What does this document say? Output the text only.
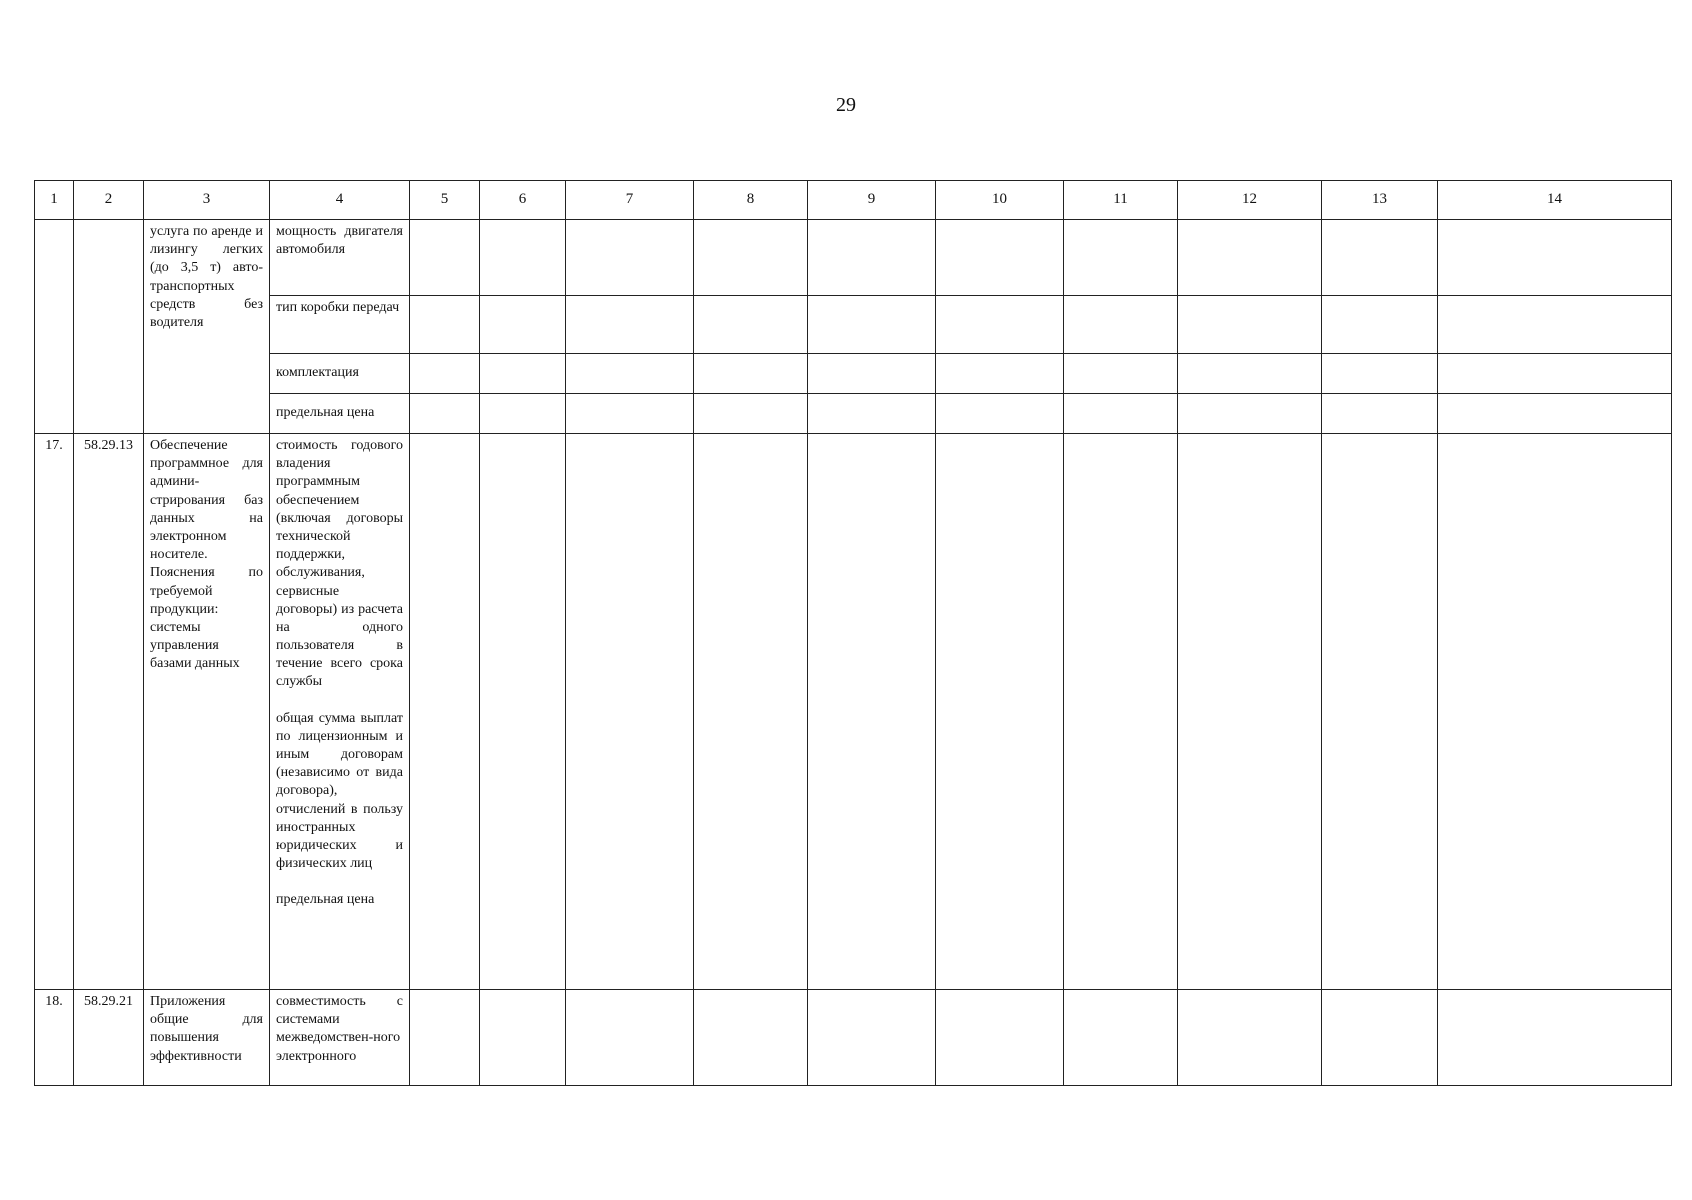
29
1	2	3	4	5	6	7	8	9	10	11	12	13	14
		услуга по аренде и лизингу легких (до 3,5 т) авто-транспортных средств без водителя	мощность двигателя автомобиля										
			тип коробки передач										
			комплектация										
			предельная цена										
17.	58.29.13	Обеспечение программное для админи-стрирования баз данных на электронном носителе. Пояснения по требуемой продукции: системы управления базами данных	стоимость годового владения программным обеспечением (включая договоры технической поддержки, обслуживания, сервисные договоры) из расчета на одного пользователя в течение всего срока службы
общая сумма выплат по лицензионным и иным договорам (независимо от вида договора), отчислений в пользу иностранных юридических и физических лиц
предельная цена										

18.	58.29.21	Приложения общие для повышения эффективности	совместимость с системами межведомствен-ного электронного										
